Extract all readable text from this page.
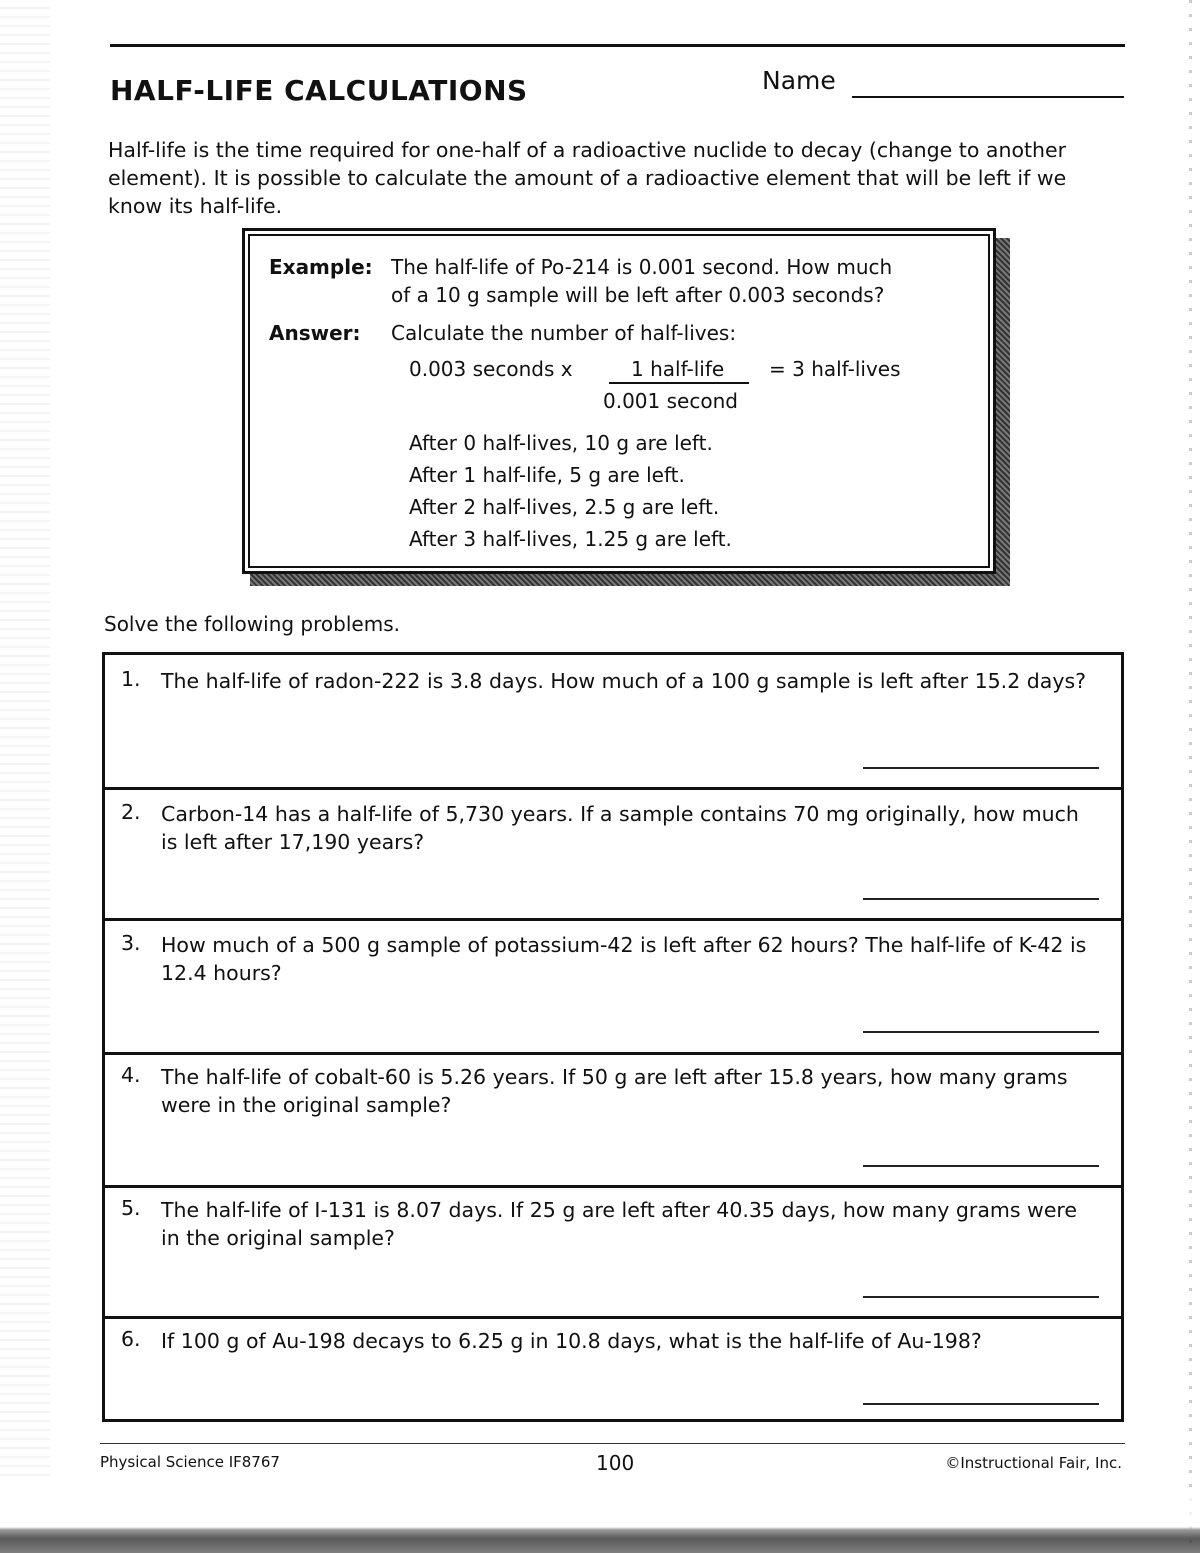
HALF-LIFE CALCULATIONS	Name
Half-life is the time required for one-half of a radioactive nuclide to decay (change to another element). It is possible to calculate the amount of a radioactive element that will be left if we know its half-life.
Example: The half-life of Po-214 is 0.001 second. How much
of a 10 g sample will be left after 0.003 seconds?
Answer: Calculate the number of half-lives:
0.003 seconds x	1 half-life
0.001 second
= 3 half-lives
After 0 half-lives, 10 g are left.
After 1 half-life, 5 g are left.
After 2 half-lives, 2.5 g are left.
After 3 half-lives, 1.25 g are left.
Solve the following problems.
1. The half-life of radon-222 is 3.8 days. How much of a 100 g sample is left after 15.2 days?
2. Carbon-14 has a half-life of 5,730 years. If a sample contains 70 mg originally, how much is left after 17,190 years?
3. How much of a 500 g sample of potassium-42 is left after 62 hours? The half-life of K-42 is 12.4 hours?
4. The half-life of cobalt-60 is 5.26 years. If 50 g are left after 15.8 years, how many grams were in the original sample?
5. The half-life of I-131 is 8.07 days. If 25 g are left after 40.35 days, how many grams were in the original sample?
6. If 100 g of Au-198 decays to 6.25 g in 10.8 days, what is the half-life of Au-198?
Physical Science IF8767	100	©Instructional Fair, Inc.
